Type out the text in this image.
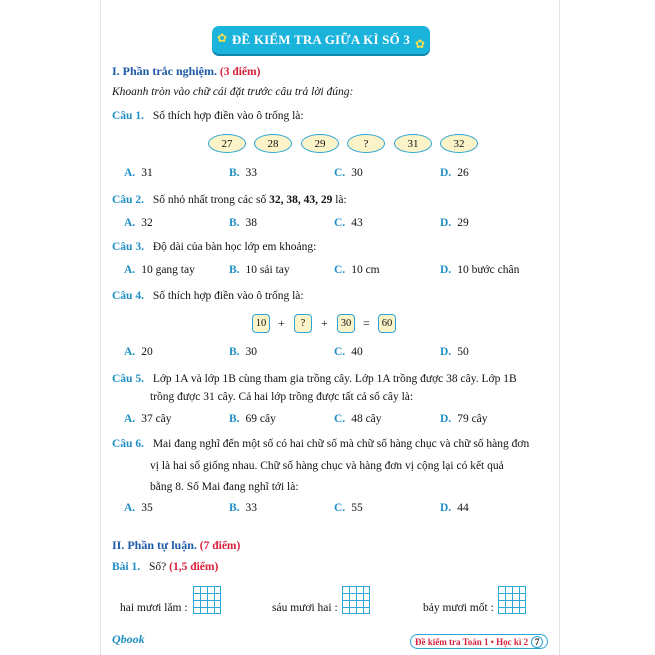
✿ ĐỀ KIỂM TRA GIỮA KÌ SỐ 3 ✿
I. Phần trắc nghiệm. (3 điểm)
Khoanh tròn vào chữ cái đặt trước câu trả lời đúng:
Câu 1. Số thích hợp điền vào ô trống là:
27	28	29	?	31	32
A. 31	B. 33	C. 30	D. 26
Câu 2. Số nhỏ nhất trong các số 32, 38, 43, 29 là:
A. 32	B. 38	C. 43	D. 29
Câu 3. Độ dài của bàn học lớp em khoảng:
A. 10 gang tay	B. 10 sải tay	C. 10 cm	D. 10 bước chân
Câu 4. Số thích hợp điền vào ô trống là:
10 +	?	+	30 =	60
A. 20	B. 30	C. 40	D. 50
Câu 5. Lớp 1A và lớp 1B cùng tham gia trồng cây. Lớp 1A trồng được 38 cây. Lớp 1B
trồng được 31 cây. Cả hai lớp trồng được tất cả số cây là:
A. 37 cây	B. 69 cây	C. 48 cây	D. 79 cây
Câu 6. Mai đang nghĩ đến một số có hai chữ số mà chữ số hàng chục và chữ số hàng đơn
vị là hai số giống nhau. Chữ số hàng chục và hàng đơn vị cộng lại có kết quả
bằng 8. Số Mai đang nghĩ tới là:
A. 35	B. 33	C. 55	D. 44
II. Phần tự luận. (7 điểm)
Bài 1. Số? (1,5 điểm)
hai mươi lăm :	sáu mươi hai :	bảy mươi mốt :
Qbook	Đề kiểm tra Toán 1 • Học kì 2 7
